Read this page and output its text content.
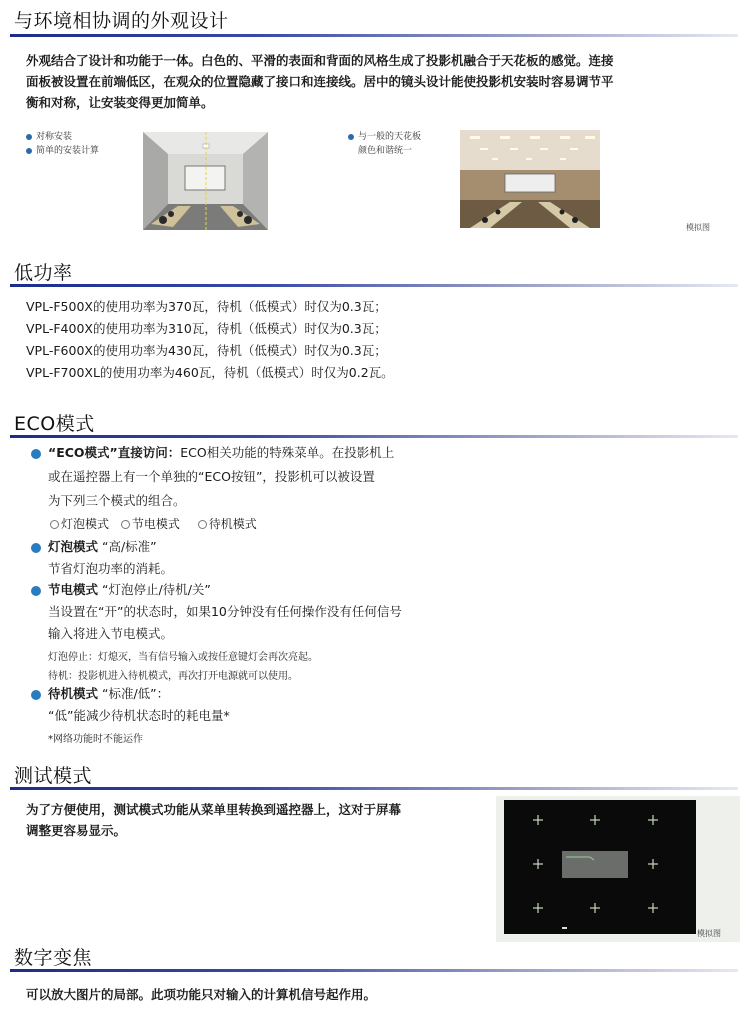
与环境相协调的外观设计
外观结合了设计和功能于一体。白色的、平滑的表面和背面的风格生成了投影机融合于天花板的感觉。连接
面板被设置在前端低区，在观众的位置隐藏了接口和连接线。居中的镜头设计能使投影机安装时容易调节平
衡和对称，让安装变得更加简单。
对称安装
简单的安装计算
与一般的天花板
颜色和谐统一
模拟图
低功率
VPL-F500X的使用功率为370瓦，待机（低模式）时仅为0.3瓦；
VPL-F400X的使用功率为310瓦，待机（低模式）时仅为0.3瓦；
VPL-F600X的使用功率为430瓦，待机（低模式）时仅为0.3瓦；
VPL-F700XL的使用功率为460瓦，待机（低模式）时仅为0.2瓦。
ECO模式
“ECO模式”直接访问：ECO相关功能的特殊菜单。在投影机上
或在遥控器上有一个单独的“ECO按钮”，投影机可以被设置
为下列三个模式的组合。
灯泡模式 节电模式 待机模式
灯泡模式 “高/标准”
节省灯泡功率的消耗。
节电模式 “灯泡停止/待机/关”
当设置在“开”的状态时，如果10分钟没有任何操作没有任何信号
输入将进入节电模式。
灯泡停止：灯熄灭，当有信号输入或按任意键灯会再次亮起。
待机：投影机进入待机模式，再次打开电源就可以使用。
待机模式 “标准/低”：
“低”能减少待机状态时的耗电量*
*网络功能时不能运作
测试模式
为了方便使用，测试模式功能从菜单里转换到遥控器上，这对于屏幕
调整更容易显示。
模拟图
数字变焦
可以放大图片的局部。此项功能只对输入的计算机信号起作用。
